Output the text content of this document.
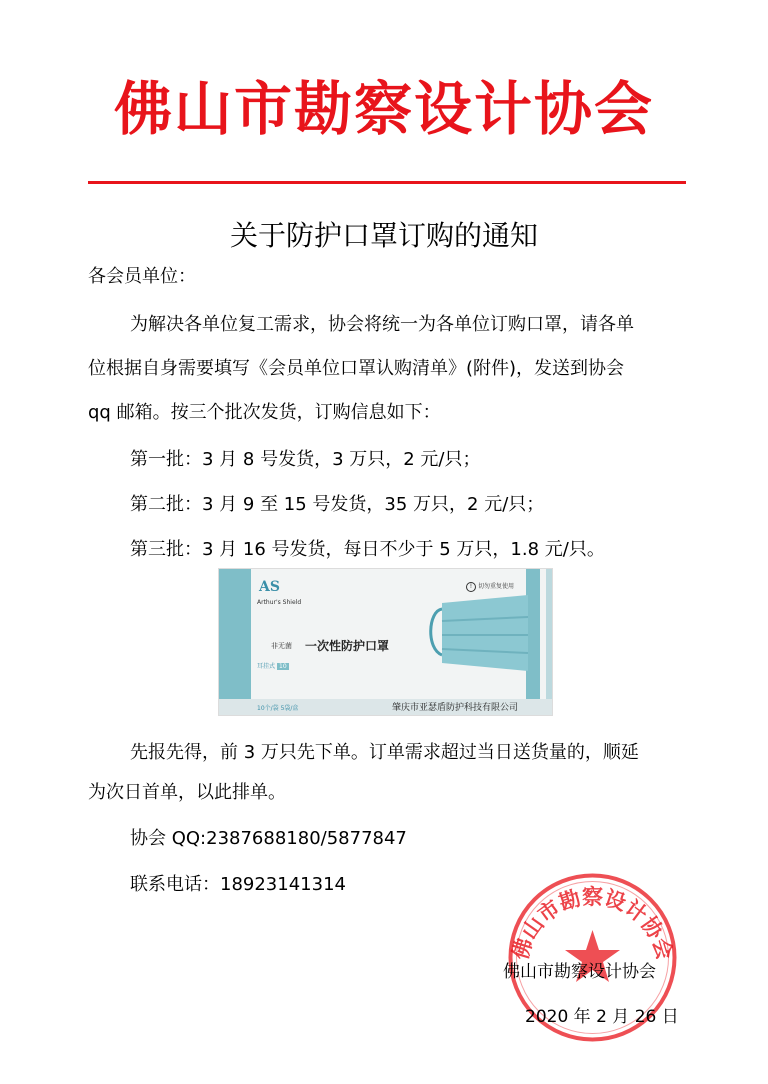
佛山市勘察设计协会
关于防护口罩订购的通知
各会员单位：
为解决各单位复工需求，协会将统一为各单位订购口罩，请各单
位根据自身需要填写《会员单位口罩认购清单》(附件)，发送到协会
qq 邮箱。按三个批次发货，订购信息如下：
第一批：3 月 8 号发货，3 万只，2 元/只；
第二批：3 月 9 至 15 号发货，35 万只，2 元/只；
第三批：3 月 16 号发货，每日不少于 5 万只，1.8 元/只。
AS
Arthur's Shield
! 切勿重复使用
非无菌 一次性防护口罩
耳挂式 10
10个/袋 5袋/盒	肇庆市亚瑟盾防护科技有限公司
先报先得，前 3 万只先下单。订单需求超过当日送货量的，顺延
为次日首单，以此排单。
协会 QQ:2387688180/5877847
联系电话：18923141314
佛山市勘察设计协会
佛山市勘察设计协会
2020 年 2 月 26 日
